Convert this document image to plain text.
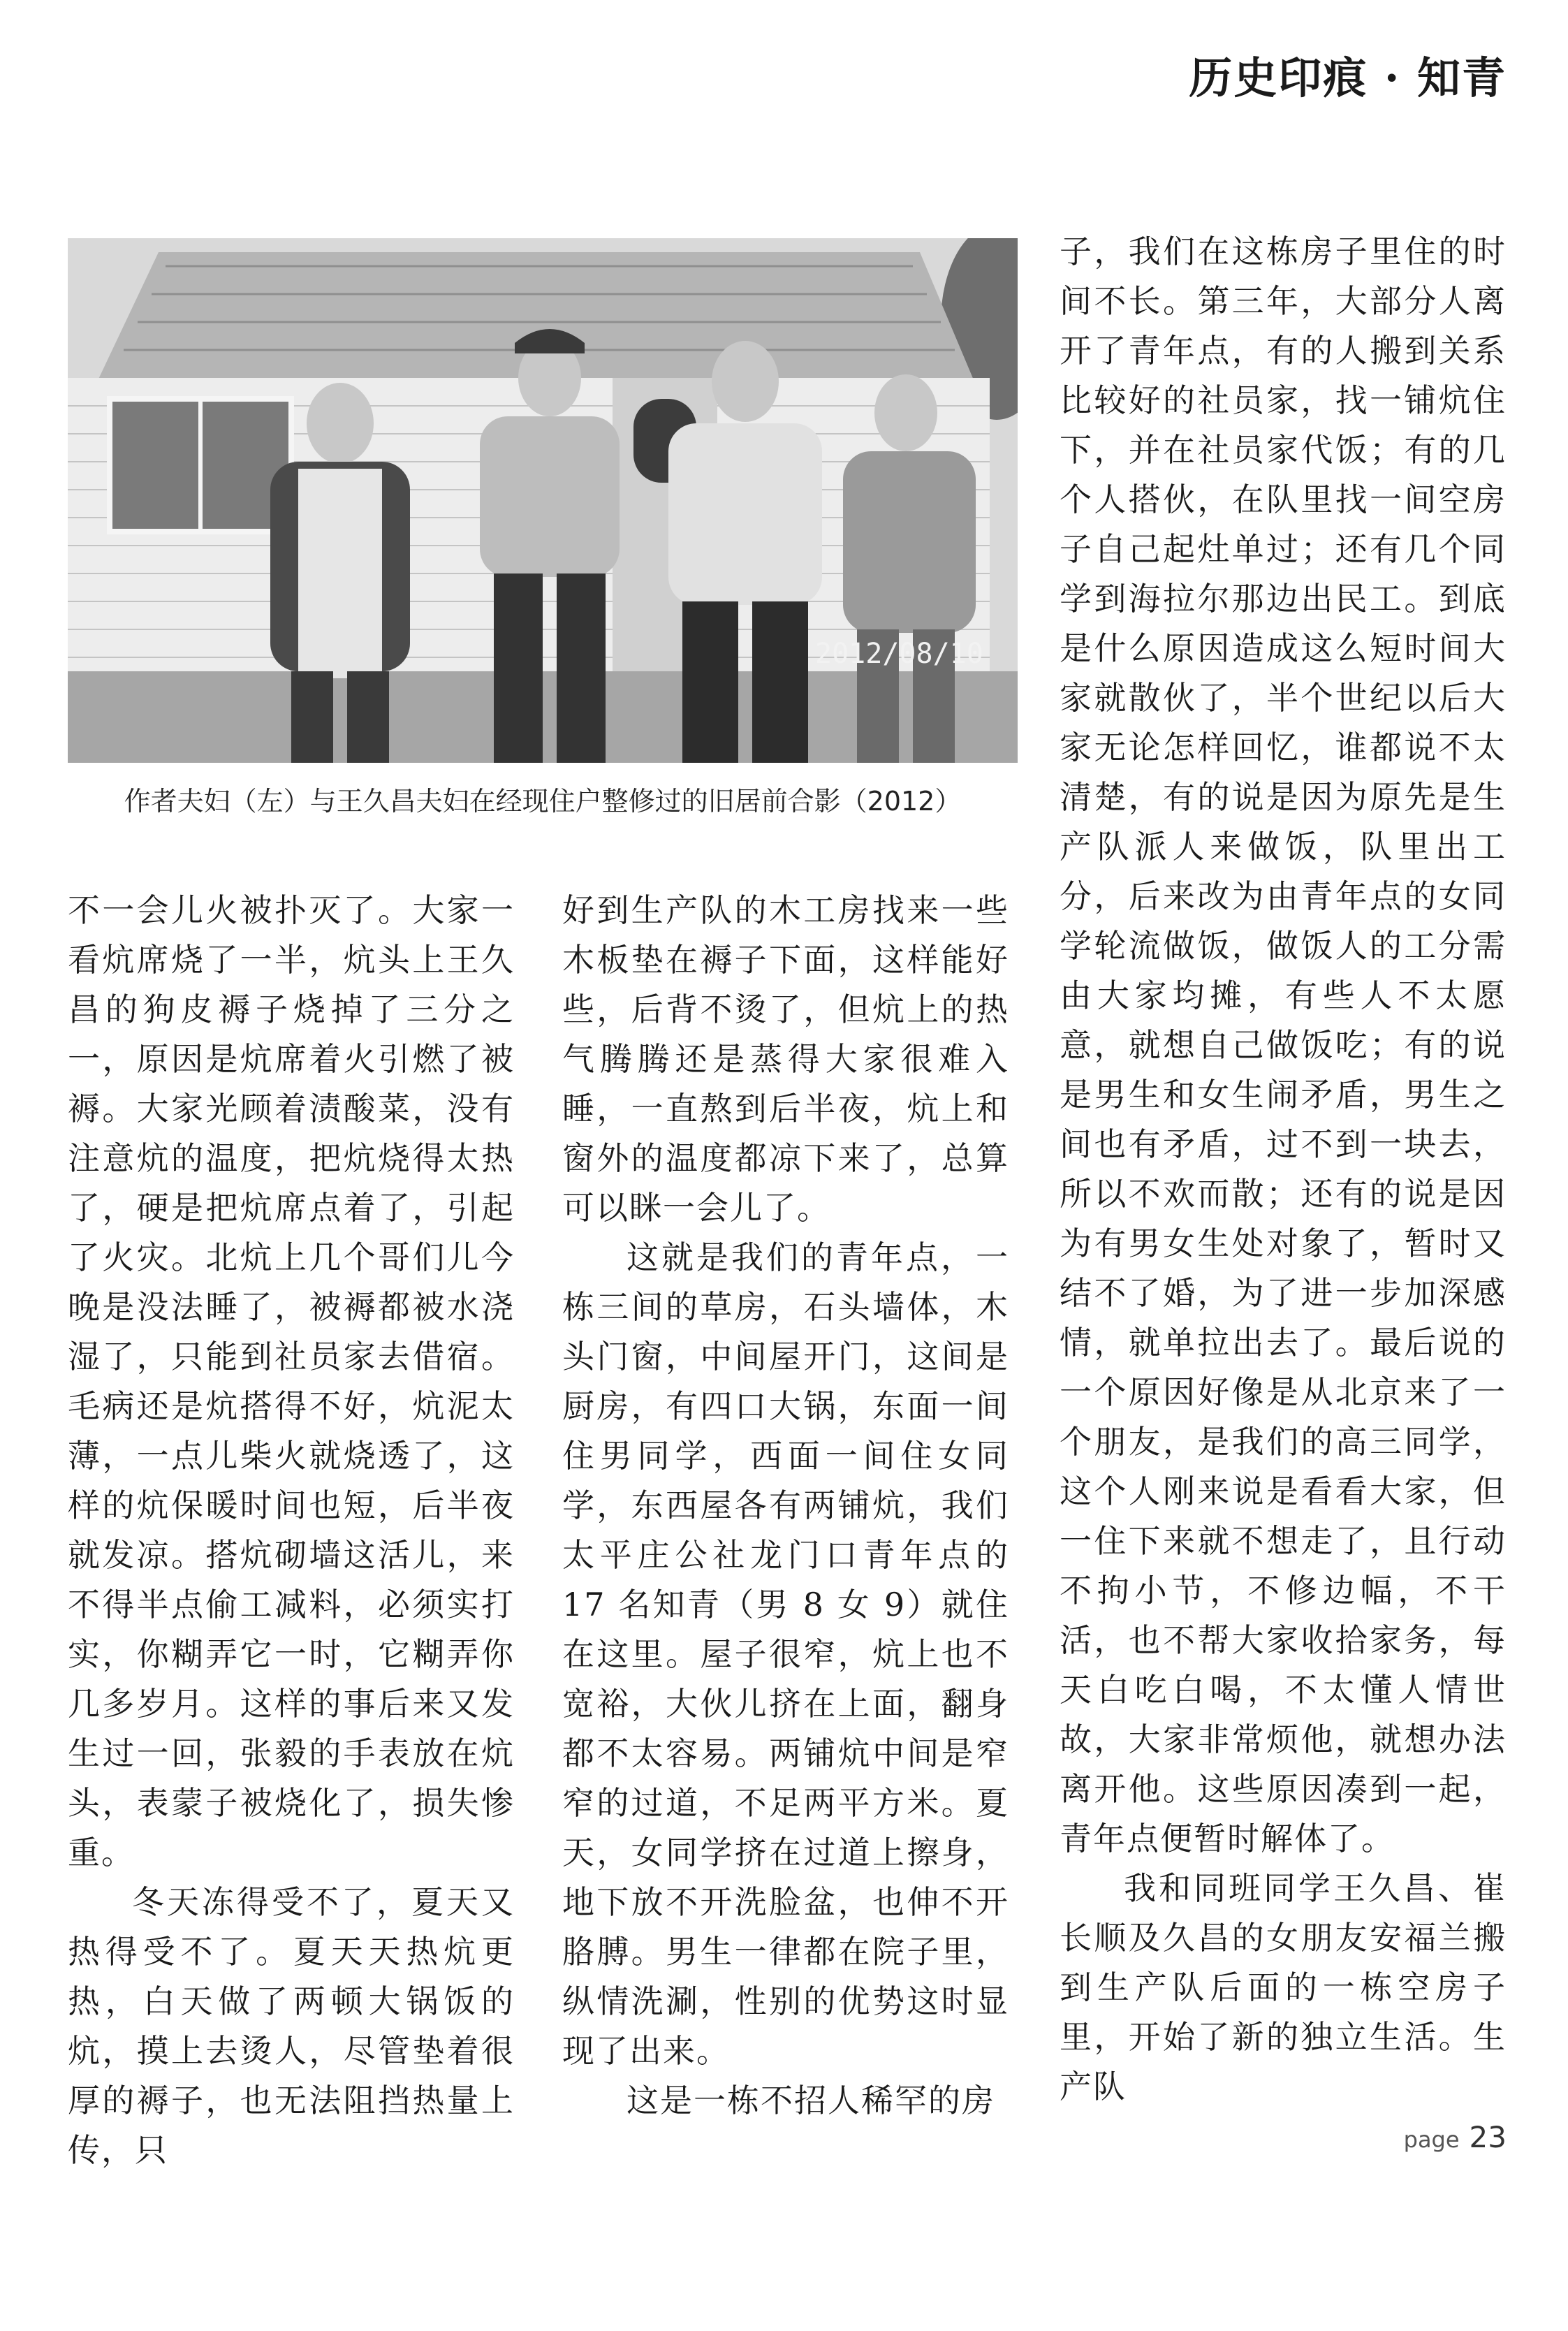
历史印痕 · 知青
2012/08/10
作者夫妇（左）与王久昌夫妇在经现住户整修过的旧居前合影（2012）

不一会儿火被扑灭了。大家一看炕席烧了一半，炕头上王久昌的狗皮褥子烧掉了三分之一，原因是炕席着火引燃了被褥。大家光顾着渍酸菜，没有注意炕的温度，把炕烧得太热了，硬是把炕席点着了，引起了火灾。北炕上几个哥们儿今晚是没法睡了，被褥都被水浇湿了，只能到社员家去借宿。毛病还是炕搭得不好，炕泥太薄，一点儿柴火就烧透了，这样的炕保暖时间也短，后半夜就发凉。搭炕砌墙这活儿，来不得半点偷工减料，必须实打实，你糊弄它一时，它糊弄你几多岁月。这样的事后来又发生过一回，张毅的手表放在炕头，表蒙子被烧化了，损失惨重。

冬天冻得受不了，夏天又热得受不了。夏天天热炕更热，白天做了两顿大锅饭的炕，摸上去烫人，尽管垫着很厚的褥子，也无法阻挡热量上传，只

好到生产队的木工房找来一些木板垫在褥子下面，这样能好些，后背不烫了，但炕上的热气腾腾还是蒸得大家很难入睡，一直熬到后半夜，炕上和窗外的温度都凉下来了，总算可以眯一会儿了。

这就是我们的青年点，一栋三间的草房，石头墙体，木头门窗，中间屋开门，这间是厨房，有四口大锅，东面一间住男同学，西面一间住女同学，东西屋各有两铺炕，我们太平庄公社龙门口青年点的 17 名知青（男 8 女 9）就住在这里。屋子很窄，炕上也不宽裕，大伙儿挤在上面，翻身都不太容易。两铺炕中间是窄窄的过道，不足两平方米。夏天，女同学挤在过道上擦身，地下放不开洗脸盆，也伸不开胳膊。男生一律都在院子里，纵情洗涮，性别的优势这时显现了出来。

这是一栋不招人稀罕的房

子，我们在这栋房子里住的时间不长。第三年，大部分人离开了青年点，有的人搬到关系比较好的社员家，找一铺炕住下，并在社员家代饭；有的几个人搭伙，在队里找一间空房子自己起灶单过；还有几个同学到海拉尔那边出民工。到底是什么原因造成这么短时间大家就散伙了，半个世纪以后大家无论怎样回忆，谁都说不太清楚，有的说是因为原先是生产队派人来做饭，队里出工分，后来改为由青年点的女同学轮流做饭，做饭人的工分需由大家均摊，有些人不太愿意，就想自己做饭吃；有的说是男生和女生闹矛盾，男生之间也有矛盾，过不到一块去，所以不欢而散；还有的说是因为有男女生处对象了，暂时又结不了婚，为了进一步加深感情，就单拉出去了。最后说的一个原因好像是从北京来了一个朋友，是我们的高三同学，这个人刚来说是看看大家，但一住下来就不想走了，且行动不拘小节，不修边幅，不干活，也不帮大家收拾家务，每天白吃白喝，不太懂人情世故，大家非常烦他，就想办法离开他。这些原因凑到一起，青年点便暂时解体了。

我和同班同学王久昌、崔长顺及久昌的女朋友安福兰搬到生产队后面的一栋空房子里，开始了新的独立生活。生产队

page 23
